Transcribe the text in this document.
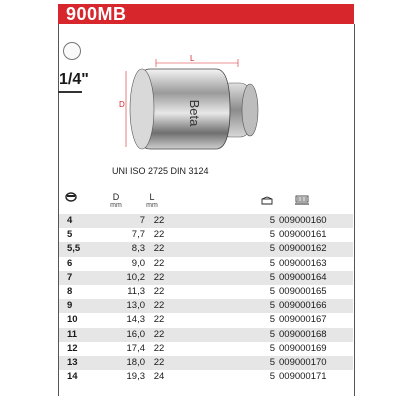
900MB
1/4"
Beta
L
D
UNI ISO 2725 DIN 3124
D
mm
L
mm
4	7 22	5 009000160
5	7,7 22	5 009000161
5,5	8,3 22	5 009000162
6	9,0 22	5 009000163
7	10,2 22	5 009000164
8	11,3 22	5 009000165
9	13,0 22	5 009000166
10	14,3 22	5 009000167
11	16,0 22	5 009000168
12	17,4 22	5 009000169
13	18,0 22	5 009000170
14	19,3 24	5 009000171
